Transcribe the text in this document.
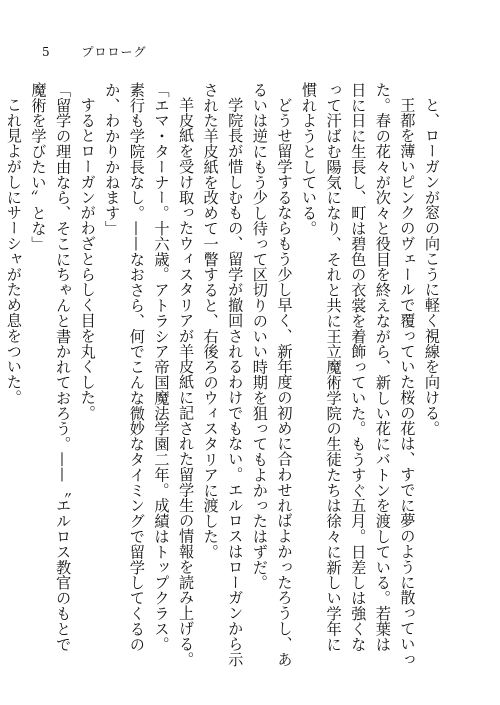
5	プロローグ

と、ローガンが窓の向こうに軽く視線を向ける。

王都を薄いピンクのヴェールで覆っていた桜の花は、すでに夢のように散っていった。春の花々が次々と役目を終えながら、新しい花にバトンを渡している。若葉は日に日に生長し、町は碧色の衣裳を着飾っていた。もうすぐ五月。日差しは強くなって汗ばむ陽気になり、それと共に王立魔術学院の生徒たちは徐々に新しい学年に慣れようとしている。

どうせ留学するならもう少し早く、新年度の初めに合わせればよかったろうし、あるいは逆にもう少し待って区切りのいい時期を狙ってもよかったはずだ。

学院長が惜しむもの、留学が撤回されるわけでもない。エルロスはローガンから示された羊皮紙を改めて一瞥すると、右後ろのウィスタリアに渡した。

羊皮紙を受け取ったウィスタリアが羊皮紙に記された留学生の情報を読み上げる。

「エマ・ターナー。十六歳。アトラシア帝国魔法学園二年。成績はトップクラス。素行も学院長なし。——なおさら、何でこんな微妙なタイミングで留学してくるのか、わかりかねます」

するとローガンがわざとらしく目を丸くした。

「留学の理由なら、そこにちゃんと書かれておろう。——〝エルロス教官のもとで魔術を学びたい〟とな」

これ見よがしにサーシャがため息をついた。
